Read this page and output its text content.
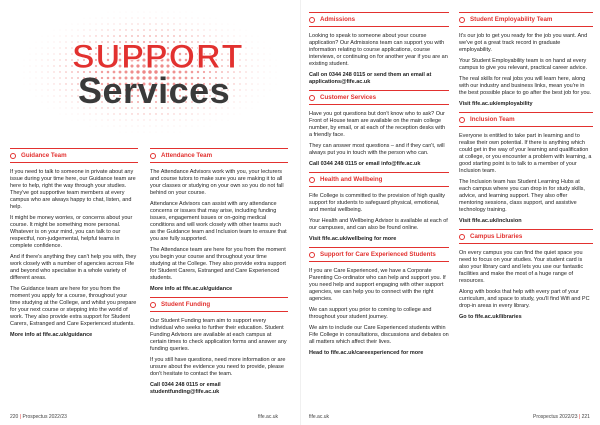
SUPPORT
Services
Guidance Team

If you need to talk to someone in private about any issue during your time here, our Guidance team are here to help, right the way through your studies. They've got supportive team members at every campus who are always happy to chat, listen, and help.

It might be money worries, or concerns about your course. It might be something more personal. Whatever is on your mind, you can talk to our respectful, non-judgemental, helpful teams in complete confidence.

And if there's anything they can't help you with, they work closely with a number of agencies across Fife and beyond who specialise in a whole variety of different areas.

The Guidance team are here for you from the moment you apply for a course, throughout your time studying at the College, and whilst you prepare for your next course or stepping into the world of work. They also provide extra support for Student Carers, Estranged and Care Experienced students.

More info at fife.ac.uk/guidance

Attendance Team

The Attendance Advisors work with you, your lecturers and course tutors to make sure you are making it to all your classes or studying on your own so you do not fall behind on your course.

Attendance Advisors can assist with any attendance concerns or issues that may arise, including funding issues, engagement issues or on-going medical conditions and will work closely with other teams such as the Guidance team and Inclusion team to ensure that you are fully supported.

The Attendance team are here for you from the moment you begin your course and throughout your time studying at the College. They also provide extra support for Student Carers, Estranged and Care Experienced students.

More info at fife.ac.uk/guidance

Student Funding

Our Student Funding team aim to support every individual who seeks to further their education. Student Funding Advisors are available at each campus at certain times to check application forms and answer any funding queries.

If you still have questions, need more information or are unsure about the evidence you need to provide, please don't hesitate to contact the team.

Call 0344 248 0115 or email studentfunding@fife.ac.uk

220 | Prospectus 2022/23	fife.ac.uk
Admissions

Looking to speak to someone about your course application? Our Admissions team can support you with information relating to course applications, course interviews, or continuing on for another year if you are an existing student.

Call on 0344 248 0115 or send them an email at applications@fife.ac.uk

Customer Services

Have you got questions but don't know who to ask? Our Front of House team are available on the main college number, by email, or at each of the reception desks with a friendly face.

They can answer most questions – and if they can't, will always put you in touch with the person who can.

Call 0344 248 0115 or email info@fife.ac.uk

Health and Wellbeing

Fife College is committed to the provision of high quality support for students to safeguard physical, emotional, and mental wellbeing.

Your Health and Wellbeing Advisor is available at each of our campuses, and can also be found online.

Visit fife.ac.uk/wellbeing for more

Support for Care Experienced Students

If you are Care Experienced, we have a Corporate Parenting Co-ordinator who can help and support you. If you need help and support engaging with other support agencies, we can help you to connect with the right agencies.

We can support you prior to coming to college and throughout your student journey.

We aim to include our Care Experienced students within Fife College in consultations, discussions and debates on all matters which affect their lives.

Head to fife.ac.uk/careexperienced for more

Student Employability Team

It's our job to get you ready for the job you want. And we've got a great track record in graduate employability.

Your Student Employability team is on hand at every campus to give you relevant, practical career advice.

The real skills for real jobs you will learn here, along with our industry and business links, mean you're in the best possible place to go after the best job for you.

Visit fife.ac.uk/employability

Inclusion Team

Everyone is entitled to take part in learning and to realise their own potential. If there is anything which could get in the way of your learning and qualification at college, or you encounter a problem with learning, a good starting point is to talk to a member of your Inclusion team.

The Inclusion team has Student Learning Hubs at each campus where you can drop in for study skills, advice, and learning support. They also offer mentoring sessions, class support, and assistive technology training.

Visit fife.ac.uk/inclusion

Campus Libraries

On every campus you can find the quiet space you need to focus on your studies. Your student card is also your library card and lets you use our fantastic facilities and make the most of a huge range of resources.

Along with books that help with every part of your curriculum, and space to study, you'll find Wifi and PC drop-in areas in every library.

Go to fife.ac.uk/libraries

fife.ac.uk	Prospectus 2022/23 | 221
